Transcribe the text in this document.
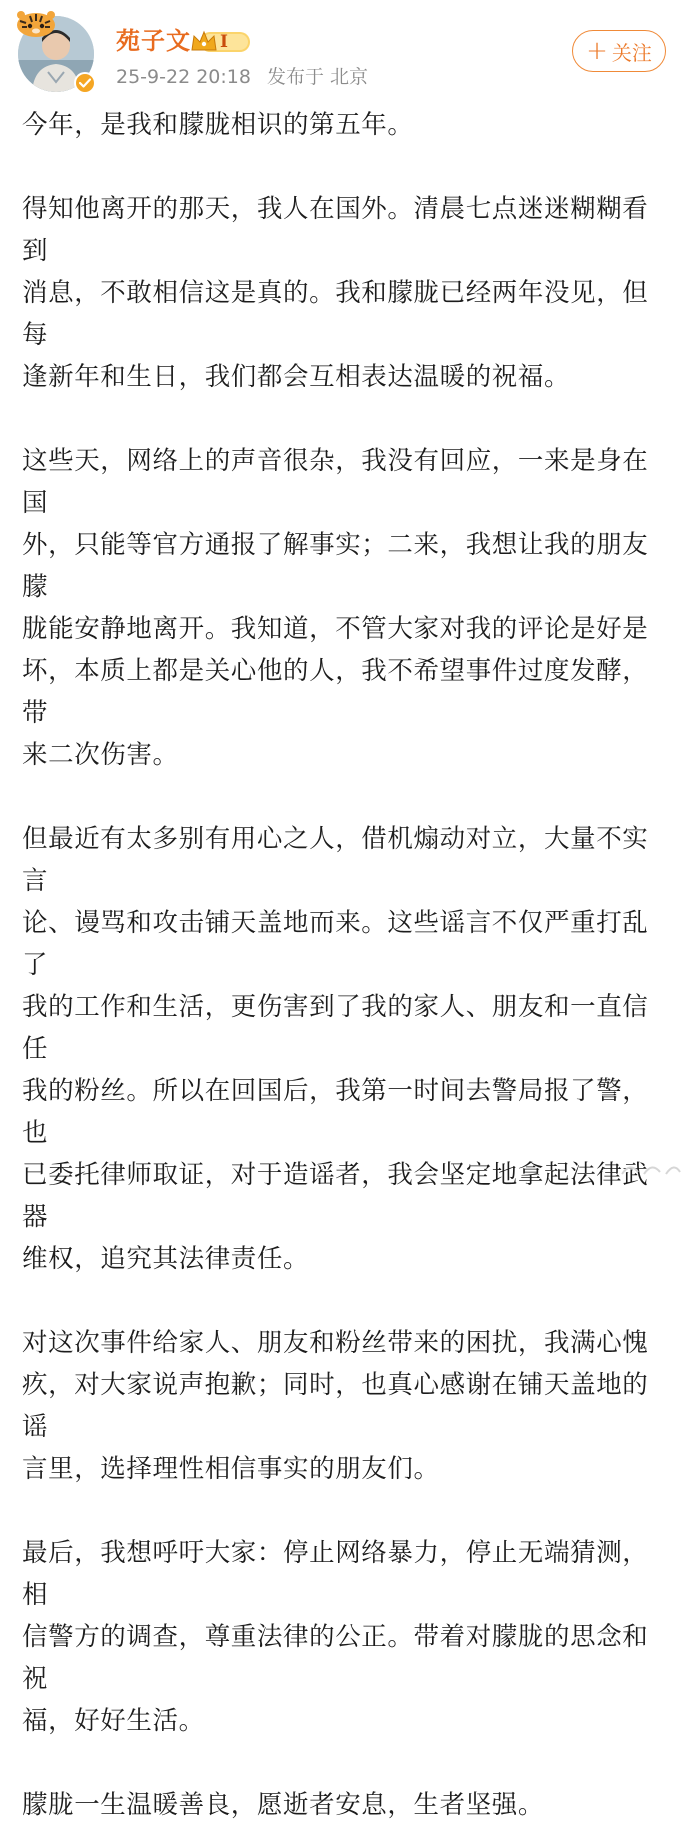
苑子文 I
25-9-22 20:18 发布于 北京
+ 关注

今年，是我和朦胧相识的第五年。

得知他离开的那天，我人在国外。清晨七点迷迷糊糊看到

消息，不敢相信这是真的。我和朦胧已经两年没见，但每

逢新年和生日，我们都会互相表达温暖的祝福。

这些天，网络上的声音很杂，我没有回应，一来是身在国

外，只能等官方通报了解事实；二来，我想让我的朋友朦

胧能安静地离开。我知道，不管大家对我的评论是好是

坏，本质上都是关心他的人，我不希望事件过度发酵，带

来二次伤害。

但最近有太多别有用心之人，借机煽动对立，大量不实言

论、谩骂和攻击铺天盖地而来。这些谣言不仅严重打乱了

我的工作和生活，更伤害到了我的家人、朋友和一直信任

我的粉丝。所以在回国后，我第一时间去警局报了警，也

已委托律师取证，对于造谣者，我会坚定地拿起法律武器

维权，追究其法律责任。

对这次事件给家人、朋友和粉丝带来的困扰，我满心愧

疚，对大家说声抱歉；同时，也真心感谢在铺天盖地的谣

言里，选择理性相信事实的朋友们。

最后，我想呼吁大家：停止网络暴力，停止无端猜测，相

信警方的调查，尊重法律的公正。带着对朦胧的思念和祝

福，好好生活。

朦胧一生温暖善良，愿逝者安息，生者坚强。
